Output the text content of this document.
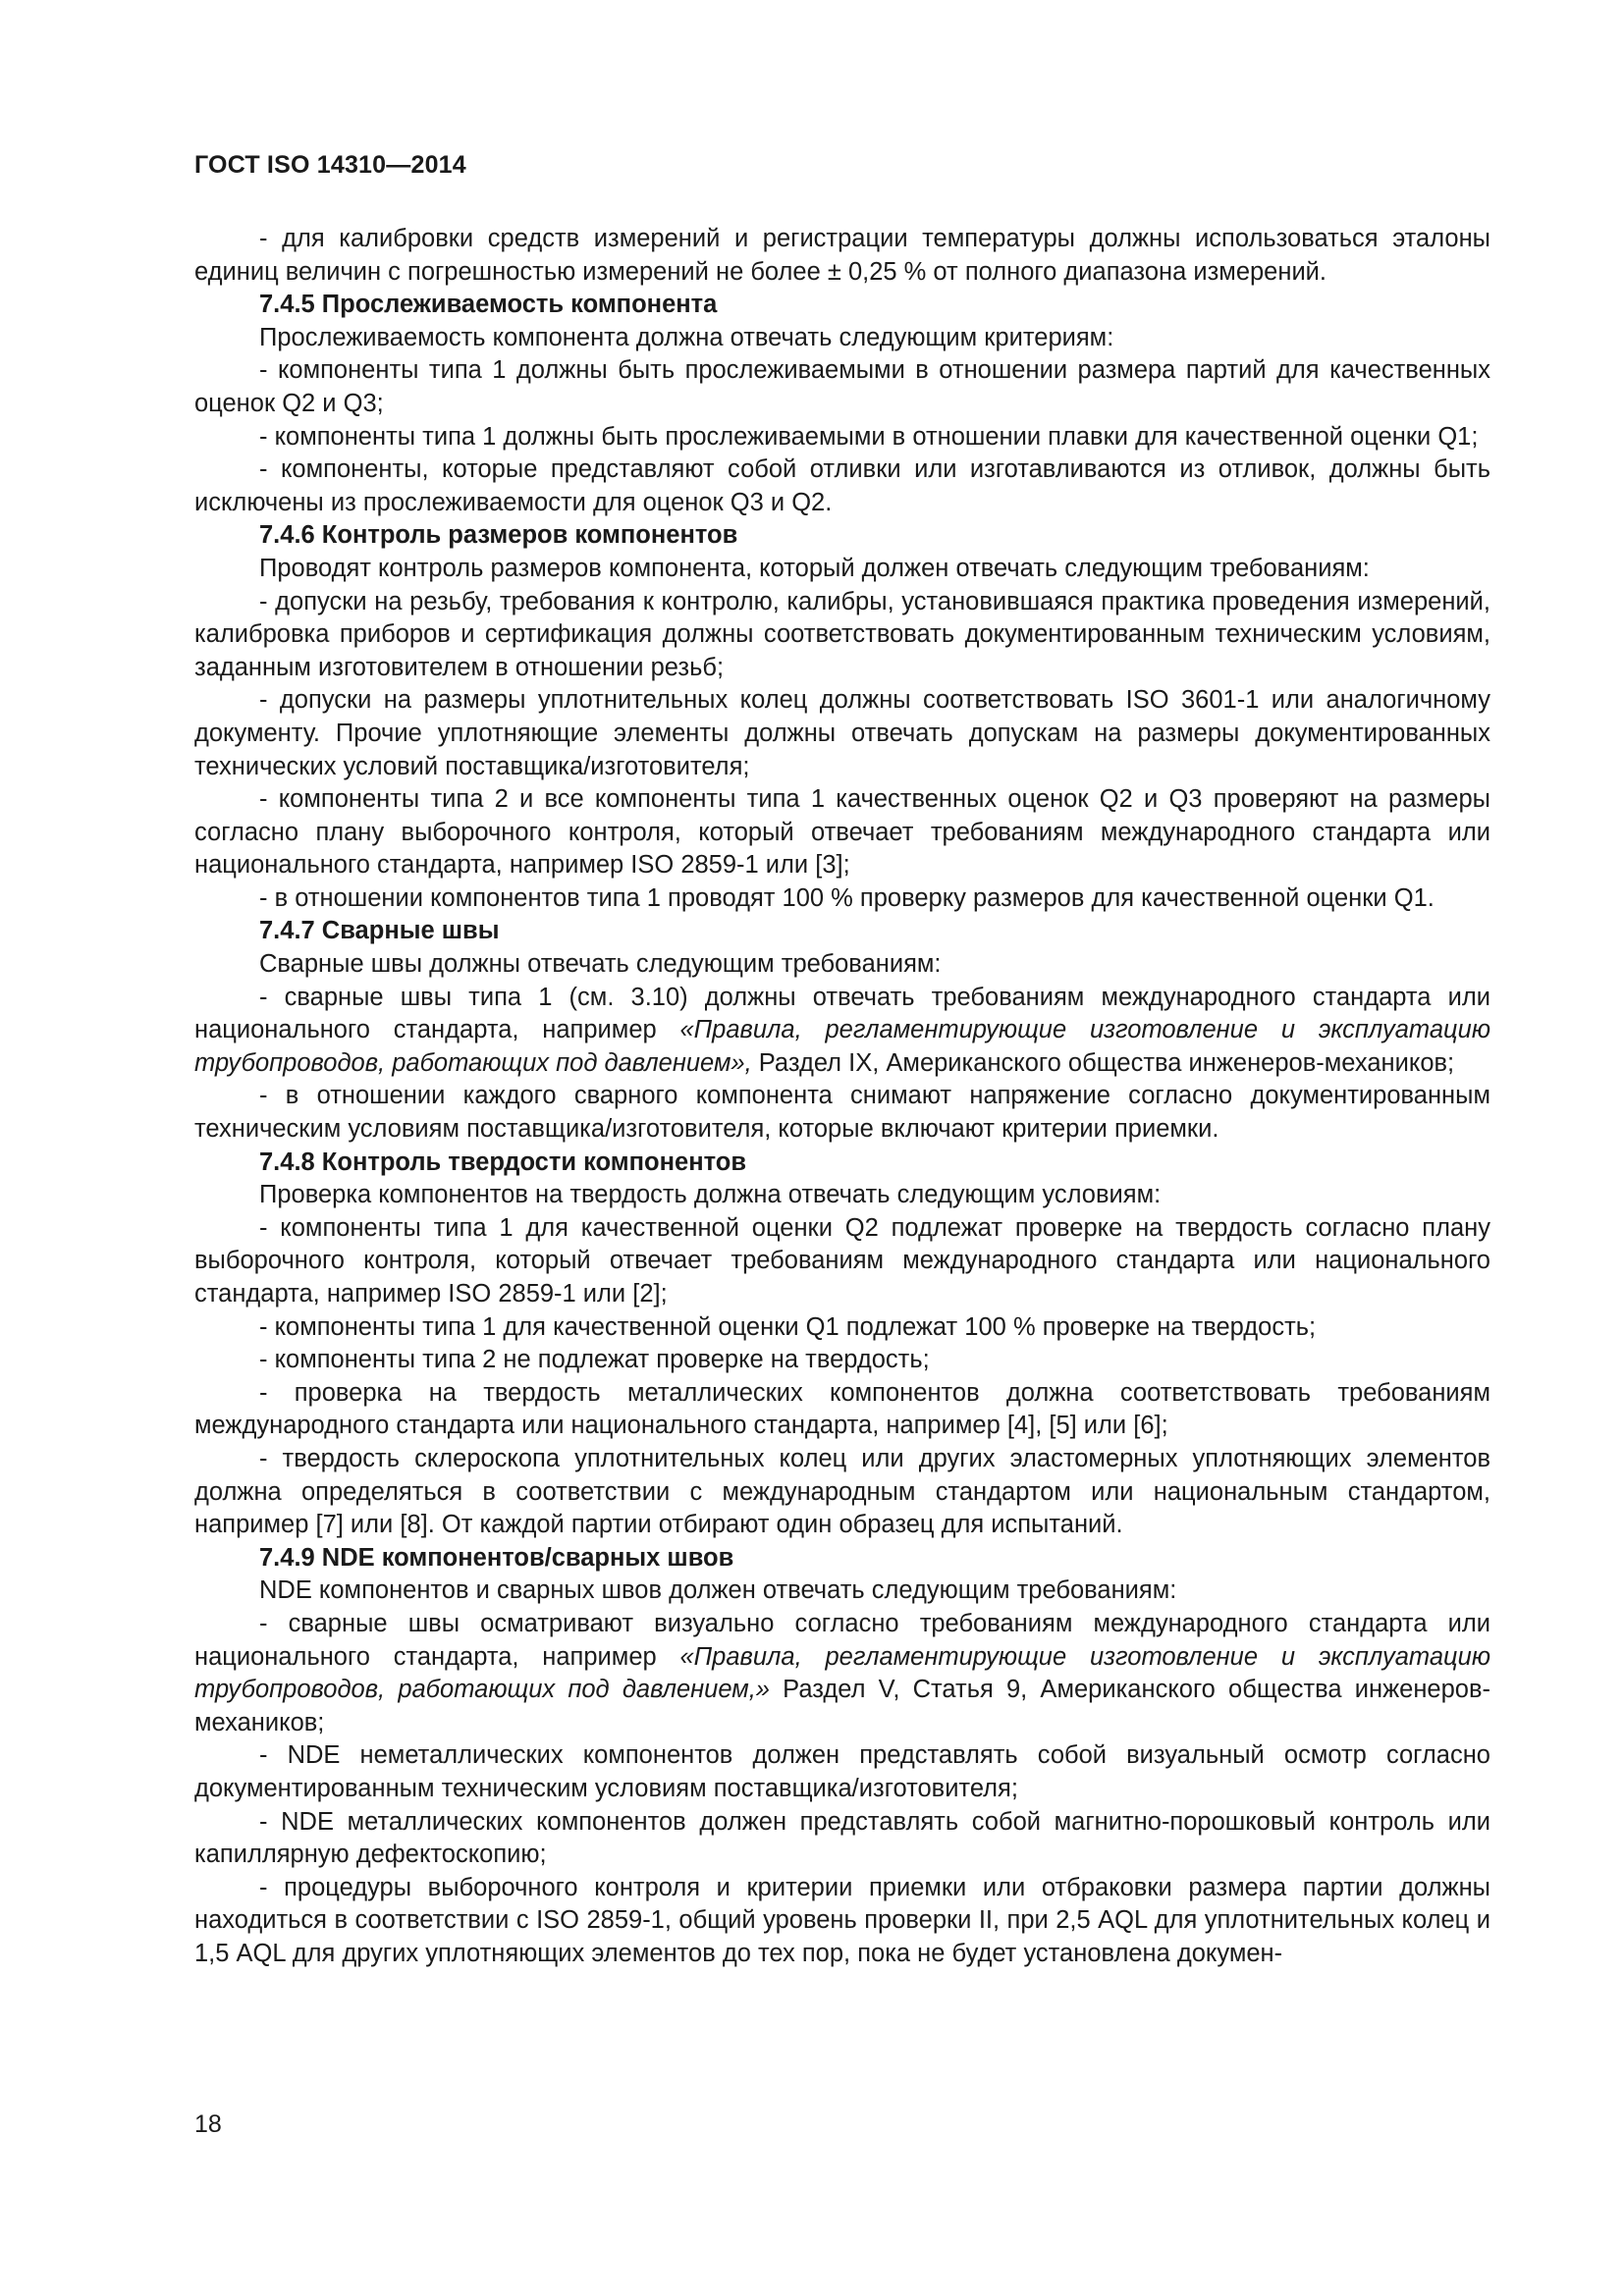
ГОСТ ISO 14310—2014

- для калибровки средств измерений и регистрации температуры должны использоваться эталоны единиц величин с погрешностью измерений не более ± 0,25 % от полного диапазона измерений.

7.4.5 Прослеживаемость компонента

Прослеживаемость компонента должна отвечать следующим критериям:

- компоненты типа 1 должны быть прослеживаемыми в отношении размера партий для качественных оценок Q2 и Q3;

- компоненты типа 1 должны быть прослеживаемыми в отношении плавки для качественной оценки Q1;

- компоненты, которые представляют собой отливки или изготавливаются из отливок, должны быть исключены из прослеживаемости для оценок Q3 и Q2.

7.4.6 Контроль размеров компонентов

Проводят контроль размеров компонента, который должен отвечать следующим требованиям:

- допуски на резьбу, требования к контролю, калибры, установившаяся практика проведения измерений, калибровка приборов и сертификация должны соответствовать документированным техническим условиям, заданным изготовителем в отношении резьб;

- допуски на размеры уплотнительных колец должны соответствовать ISO 3601-1 или аналогичному документу. Прочие уплотняющие элементы должны отвечать допускам на размеры документированных технических условий поставщика/изготовителя;

- компоненты типа 2 и все компоненты типа 1 качественных оценок Q2 и Q3 проверяют на размеры согласно плану выборочного контроля, который отвечает требованиям международного стандарта или национального стандарта, например ISO 2859-1 или [3];

- в отношении компонентов типа 1 проводят 100 % проверку размеров для качественной оценки Q1.

7.4.7 Сварные швы

Сварные швы должны отвечать следующим требованиям:

- сварные швы типа 1 (см. 3.10) должны отвечать требованиям международного стандарта или национального стандарта, например «Правила, регламентирующие изготовление и эксплуатацию трубопроводов, работающих под давлением», Раздел IX, Американского общества инженеров-механиков;

- в отношении каждого сварного компонента снимают напряжение согласно документированным техническим условиям поставщика/изготовителя, которые включают критерии приемки.

7.4.8 Контроль твердости компонентов

Проверка компонентов на твердость должна отвечать следующим условиям:

- компоненты типа 1 для качественной оценки Q2 подлежат проверке на твердость согласно плану выборочного контроля, который отвечает требованиям международного стандарта или национального стандарта, например ISO 2859-1 или [2];

- компоненты типа 1 для качественной оценки Q1 подлежат 100 % проверке на твердость;

- компоненты типа 2 не подлежат проверке на твердость;

- проверка на твердость металлических компонентов должна соответствовать требованиям международного стандарта или национального стандарта, например [4], [5] или [6];

- твердость склероскопа уплотнительных колец или других эластомерных уплотняющих элементов должна определяться в соответствии с международным стандартом или национальным стандартом, например [7] или [8]. От каждой партии отбирают один образец для испытаний.

7.4.9 NDE компонентов/сварных швов

NDE компонентов и сварных швов должен отвечать следующим требованиям:

- сварные швы осматривают визуально согласно требованиям международного стандарта или национального стандарта, например «Правила, регламентирующие изготовление и эксплуатацию трубопроводов, работающих под давлением,» Раздел V, Статья 9, Американского общества инженеров-механиков;

- NDE неметаллических компонентов должен представлять собой визуальный осмотр согласно документированным техническим условиям поставщика/изготовителя;

- NDE металлических компонентов должен представлять собой магнитно-порошковый контроль или капиллярную дефектоскопию;

- процедуры выборочного контроля и критерии приемки или отбраковки размера партии должны находиться в соответствии с ISO 2859-1, общий уровень проверки II, при 2,5 AQL для уплотнительных колец и 1,5 AQL для других уплотняющих элементов до тех пор, пока не будет установлена докумен-

18
